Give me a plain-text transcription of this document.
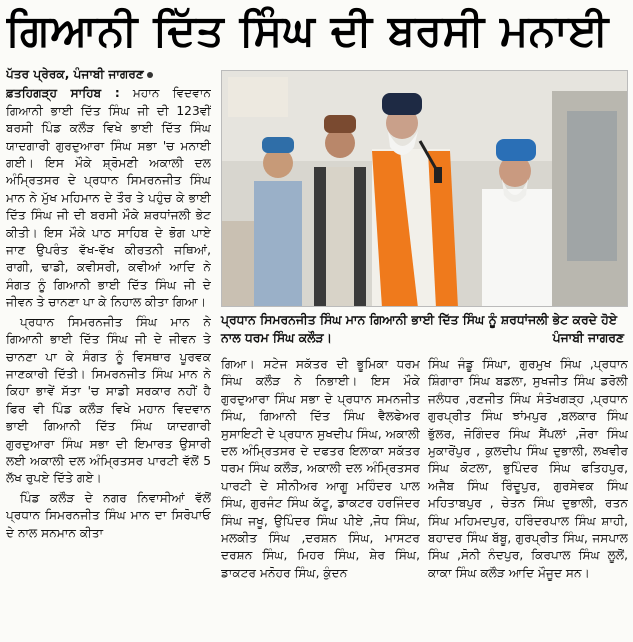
ਗਿਆਨੀ ਦਿੱਤ ਸਿੰਘ ਦੀ ਬਰਸੀ ਮਨਾਈ

ਪੱਤਰ ਪ੍ਰੇਰਕ, ਪੰਜਾਬੀ ਜਾਗਰਣ

ਫ਼ਤਹਿਗੜ੍ਹ ਸਾਹਿਬ : ਮਹਾਨ ਵਿਦਵਾਨ ਗਿਆਨੀ ਭਾਈ ਦਿੱਤ ਸਿੰਘ ਜੀ ਦੀ 123ਵੀਂ ਬਰਸੀ ਪਿੰਡ ਕਲੌੜ ਵਿਖੇ ਭਾਈ ਦਿੱਤ ਸਿੰਘ ਯਾਦਗਾਰੀ ਗੁਰਦੁਆਰਾ ਸਿੰਘ ਸਭਾ 'ਚ ਮਨਾਈ ਗਈ। ਇਸ ਮੌਕੇ ਸ਼੍ਰੋਮਣੀ ਅਕਾਲੀ ਦਲ ਅੰਮ੍ਰਿਤਸਰ ਦੇ ਪ੍ਰਧਾਨ ਸਿਮਰਨਜੀਤ ਸਿੰਘ ਮਾਨ ਨੇ ਮੁੱਖ ਮਹਿਮਾਨ ਦੇ ਤੌਰ ਤੇ ਪਹੁੰਚ ਕੇ ਭਾਈ ਦਿੱਤ ਸਿੰਘ ਜੀ ਦੀ ਬਰਸੀ ਮੌਕੇ ਸ਼ਰਧਾਂਜਲੀ ਭੇਟ ਕੀਤੀ। ਇਸ ਮੌਕੇ ਪਾਠ ਸਾਹਿਬ ਦੇ ਭੋਗ ਪਾਏ ਜਾਣ ਉਪਰੰਤ ਵੱਖ-ਵੱਖ ਕੀਰਤਨੀ ਜਥਿਆਂ, ਰਾਗੀ, ਢਾਡੀ, ਕਵੀਸਰੀ, ਕਵੀਆਂ ਆਦਿ ਨੇ ਸੰਗਤ ਨੂੰ ਗਿਆਨੀ ਭਾਈ ਦਿੱਤ ਸਿੰਘ ਜੀ ਦੇ ਜੀਵਨ ਤੇ ਚਾਨਣਾ ਪਾ ਕੇ ਨਿਹਾਲ ਕੀਤਾ ਗਿਆ।

ਪ੍ਰਧਾਨ ਸਿਮਰਨਜੀਤ ਸਿੰਘ ਮਾਨ ਨੇ ਗਿਆਨੀ ਭਾਈ ਦਿੱਤ ਸਿੰਘ ਜੀ ਦੇ ਜੀਵਨ ਤੇ ਚਾਨਣਾ ਪਾ ਕੇ ਸੰਗਤ ਨੂੰ ਵਿਸਥਾਰ ਪੂਰਵਕ ਜਾਣਕਾਰੀ ਦਿੱਤੀ। ਸਿਮਰਨਜੀਤ ਸਿੰਘ ਮਾਨ ਨੇ ਕਿਹਾ ਭਾਵੇਂ ਸੱਤਾ 'ਚ ਸਾਡੀ ਸਰਕਾਰ ਨਹੀਂ ਹੈ ਫਿਰ ਵੀ ਪਿੰਡ ਕਲੌੜ ਵਿਖੇ ਮਹਾਨ ਵਿਦਵਾਨ ਭਾਈ ਗਿਆਨੀ ਦਿੱਤ ਸਿੰਘ ਯਾਦਗਾਰੀ ਗੁਰਦੁਆਰਾ ਸਿੰਘ ਸਭਾ ਦੀ ਇਮਾਰਤ ਉਸਾਰੀ ਲਈ ਅਕਾਲੀ ਦਲ ਅੰਮ੍ਰਿਤਸਰ ਪਾਰਟੀ ਵੱਲੋਂ 5 ਲੱਖ ਰੁਪਏ ਦਿੱਤੇ ਗਏ।

ਪਿੰਡ ਕਲੌੜ ਦੇ ਨਗਰ ਨਿਵਾਸੀਆਂ ਵੱਲੋਂ ਪ੍ਰਧਾਨ ਸਿਮਰਨਜੀਤ ਸਿੰਘ ਮਾਨ ਦਾ ਸਿਰੋਪਾਓ ਦੇ ਨਾਲ ਸਨਮਾਨ ਕੀਤਾ

ਪ੍ਰਧਾਨ ਸਿਮਰਨਜੀਤ ਸਿੰਘ ਮਾਨ ਗਿਆਨੀ ਭਾਈ ਦਿੱਤ ਸਿੰਘ ਨੂੰ ਸ਼ਰਧਾਂਜਲੀ ਭੇਟ ਕਰਦੇ ਹੋਏ ਨਾਲ ਧਰਮ ਸਿੰਘ ਕਲੌੜ।	ਪੰਜਾਬੀ ਜਾਗਰਣ

ਗਿਆ। ਸਟੇਜ ਸਕੱਤਰ ਦੀ ਭੂਮਿਕਾ ਧਰਮ ਸਿੰਘ ਕਲੌੜ ਨੇ ਨਿਭਾਈ। ਇਸ ਮੌਕੇ ਗੁਰਦੁਆਰਾ ਸਿੰਘ ਸਭਾ ਦੇ ਪ੍ਰਧਾਨ ਸਮਨਜੀਤ ਸਿੰਘ, ਗਿਆਨੀ ਦਿੱਤ ਸਿੰਘ ਵੈਲਫੇਅਰ ਸੁਸਾਇਟੀ ਦੇ ਪ੍ਰਧਾਨ ਸੁਖਦੀਪ ਸਿੰਘ, ਅਕਾਲੀ ਦਲ ਅੰਮ੍ਰਿਤਸਰ ਦੇ ਦਫਤਰ ਇਲਾਕਾ ਸਕੱਤਰ ਧਰਮ ਸਿੰਘ ਕਲੌੜ, ਅਕਾਲੀ ਦਲ ਅੰਮ੍ਰਿਤਸਰ ਪਾਰਟੀ ਦੇ ਸੀਨੀਅਰ ਆਗੂ ਮਹਿੰਦਰ ਪਾਲ ਸਿੰਘ, ਗੁਰਜੰਟ ਸਿੰਘ ਕੱਟੂ, ਡਾਕਟਰ ਹਰਜਿੰਦਰ ਸਿੰਘ ਜਖੂ, ਉਪਿੰਦਰ ਸਿੰਘ ਪੀਏ ,ਜੋਧ ਸਿੰਘ, ਮਲਕੀਤ ਸਿੰਘ ,ਦਰਸ਼ਨ ਸਿੰਘ, ਮਾਸਟਰ ਦਰਸ਼ਨ ਸਿੰਘ, ਮਿਹਰ ਸਿੰਘ, ਸ਼ੇਰ ਸਿੰਘ, ਡਾਕਟਰ ਮਨੋਹਰ ਸਿੰਘ, ਕੁੰਦਨ

ਸਿੰਘ ਜੰਡੂ ਸਿੰਘਾ, ਗੁਰਮੁਖ ਸਿੰਘ ,ਪ੍ਰਧਾਨ ਸ਼ਿੰਗਾਰਾ ਸਿੰਘ ਬਡਲਾ, ਸੁਖਜੀਤ ਸਿੰਘ ਡਰੋਲੀ ਜਲੰਧਰ ,ਰਣਜੀਤ ਸਿੰਘ ਸੰਤੋਖਗੜ੍ਹ ,ਪ੍ਰਧਾਨ ਗੁਰਪ੍ਰੀਤ ਸਿੰਘ ਝਾਂਮਪੁਰ ,ਬਲਕਾਰ ਸਿੰਘ ਭੁੱਲਰ, ਜੋਗਿੰਦਰ ਸਿੰਘ ਸੈਂਪਲਾਂ ,ਜੋਰਾ ਸਿੰਘ ਮੁਕਾਰੋਂਪੁਰ , ਕੁਲਦੀਪ ਸਿੰਘ ਦੁਭਾਲੀ, ਲਖਵੀਰ ਸਿੰਘ ਕੋਟਲਾ, ਭੁਪਿੰਦਰ ਸਿੰਘ ਫਤਿਹਪੁਰ, ਅਜੈਬ ਸਿੰਘ ਰਿੰਦੂਪੁਰ, ਗੁਰਸੇਵਕ ਸਿੰਘ ਮਹਿਤਾਬਪੁਰ , ਚੇਤਨ ਸਿੰਘ ਦੁਭਾਲੀ, ਰਤਨ ਸਿੰਘ ਮਹਿਮਦਪੁਰ, ਹਰਿੰਦਰਪਾਲ ਸਿੰਘ ਸ਼ਾਹੀ, ਬਹਾਦਰ ਸਿੰਘ ਬੱਬੂ, ਗੁਰਪ੍ਰੀਤ ਸਿੰਘ, ਜਸਪਾਲ ਸਿੰਘ ,ਸੋਨੀ ਨੰਦਪੁਰ, ਕਿਰਪਾਲ ਸਿੰਘ ਲੂਲੋਂ, ਕਾਕਾ ਸਿੰਘ ਕਲੌੜ ਆਦਿ ਮੌਜੂਦ ਸਨ।
